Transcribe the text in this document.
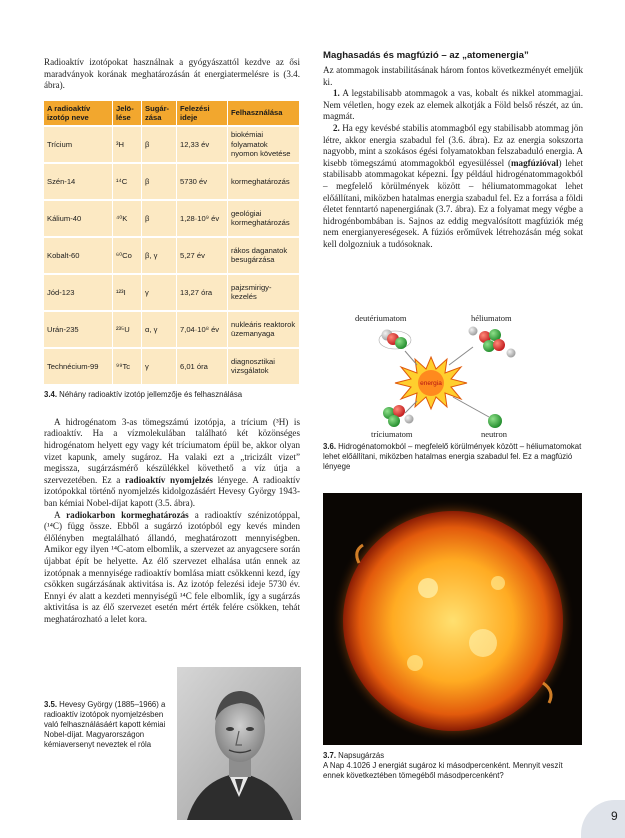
Radioaktív izotópokat használnak a gyógyászattól kezdve az ősi maradványok korának meghatározásán át energiatermelésre is (3.4. ábra).

A radioaktív izotóp neve	Jelö-lése	Sugár-zása	Felezési ideje	Felhasználása
Trícium	³H	β	12,33 év	biokémiai folyamatok nyomon követése
Szén-14	¹⁴C	β	5730 év	kormeghatározás
Kálium-40	⁴⁰K	β	1,28·10⁹ év	geológiai kormeghatározás
Kobalt-60	⁶⁰Co	β, γ	5,27 év	rákos daganatok besugárzása
Jód-123	¹²³I	γ	13,27 óra	pajzsmirigy-kezelés
Urán-235	²³⁵U	α, γ	7,04·10⁸ év	nukleáris reaktorok üzemanyaga
Technécium-99	⁹⁹Tc	γ	6,01 óra	diagnosztikai vizsgálatok
3.4. Néhány radioaktív izotóp jellemzője és felhasználása

A hidrogénatom 3-as tömegszámú izotópja, a trícium (³H) is radioaktív. Ha a vízmolekulában található két közönséges hidrogénatom helyett egy vagy két tríciumatom épül be, akkor olyan vizet kapunk, amely sugároz. Ha valaki ezt a „tricizált vizet” megissza, sugárzásmérő készülékkel követhető a víz útja a szervezetében. Ez a radioaktív nyomjelzés lényege. A radioaktív izotópokkal történő nyomjelzés kidolgozásáért Hevesy György 1943-ban kémiai Nobel-díjat kapott (3.5. ábra).

A radiokarbon kormeghatározás a radioaktív szénizotóppal, (¹⁴C) függ össze. Ebből a sugárzó izotópból egy kevés minden élőlényben megtalálható állandó, meghatározott mennyiségben. Amikor egy ilyen ¹⁴C-atom elbomlik, a szervezet az anyagcsere során újabbat épít be helyette. Az élő szervezet elhalása után ennek az izotópnak a mennyisége radioaktív bomlása miatt csökkenni kezd, így csökken sugárzásának aktivitása is. Az izotóp felezési ideje 5730 év. Ennyi év alatt a kezdeti mennyiségű ¹⁴C fele elbomlik, így a sugárzás aktivitása is az élő szervezet esetén mért érték felére csökken, tehát meghatározható a lelet kora.

3.5. Hevesy György (1885–1966) a radioaktív izotópok nyomjelzésben való felhasználásáért kapott kémiai Nobel-díjat. Magyarországon kémiaversenyt neveztek el róla
Maghasadás és magfúzió – az „atomenergia”

Az atommagok instabilitásának három fontos következményét emeljük ki.

1. A legstabilisabb atommagok a vas, kobalt és nikkel atommagjai. Nem véletlen, hogy ezek az elemek alkotják a Föld belső részét, az ún. magmát.

2. Ha egy kevésbé stabilis atommagból egy stabilisabb atommag jön létre, akkor energia szabadul fel (3.6. ábra). Ez az energia sokszorta nagyobb, mint a szokásos égési folyamatokban felszabaduló energia. A kisebb tömegszámú atommagokból egyesüléssel (magfúzióval) lehet stabilisabb atommagokat képezni. Így például hidrogénatommagokból – megfelelő körülmények között – héliumatommagokat lehet előállítani, miközben hatalmas energia szabadul fel. Ez a forrása a földi életet fenntartó napenergiának (3.7. ábra). Ez a folyamat megy végbe a hidrogénbombában is. Sajnos az eddig megvalósított magfúziók még nem energianyereségesek. A fúziós erőművek létrehozásán még sokat kell dolgozniuk a tudósoknak.

deutériumatom	héliumatom
energia
tríciumatom	neutron
3.6. Hidrogénatomokból – megfelelő körülmények között – héliumatomokat lehet előállítani, miközben hatalmas energia szabadul fel. Ez a magfúzió lényege
3.7. Napsugárzás
A Nap 4.1026 J energiát sugároz ki másodpercenként. Mennyit veszít ennek következtében tömegéből másodpercenként?
9
